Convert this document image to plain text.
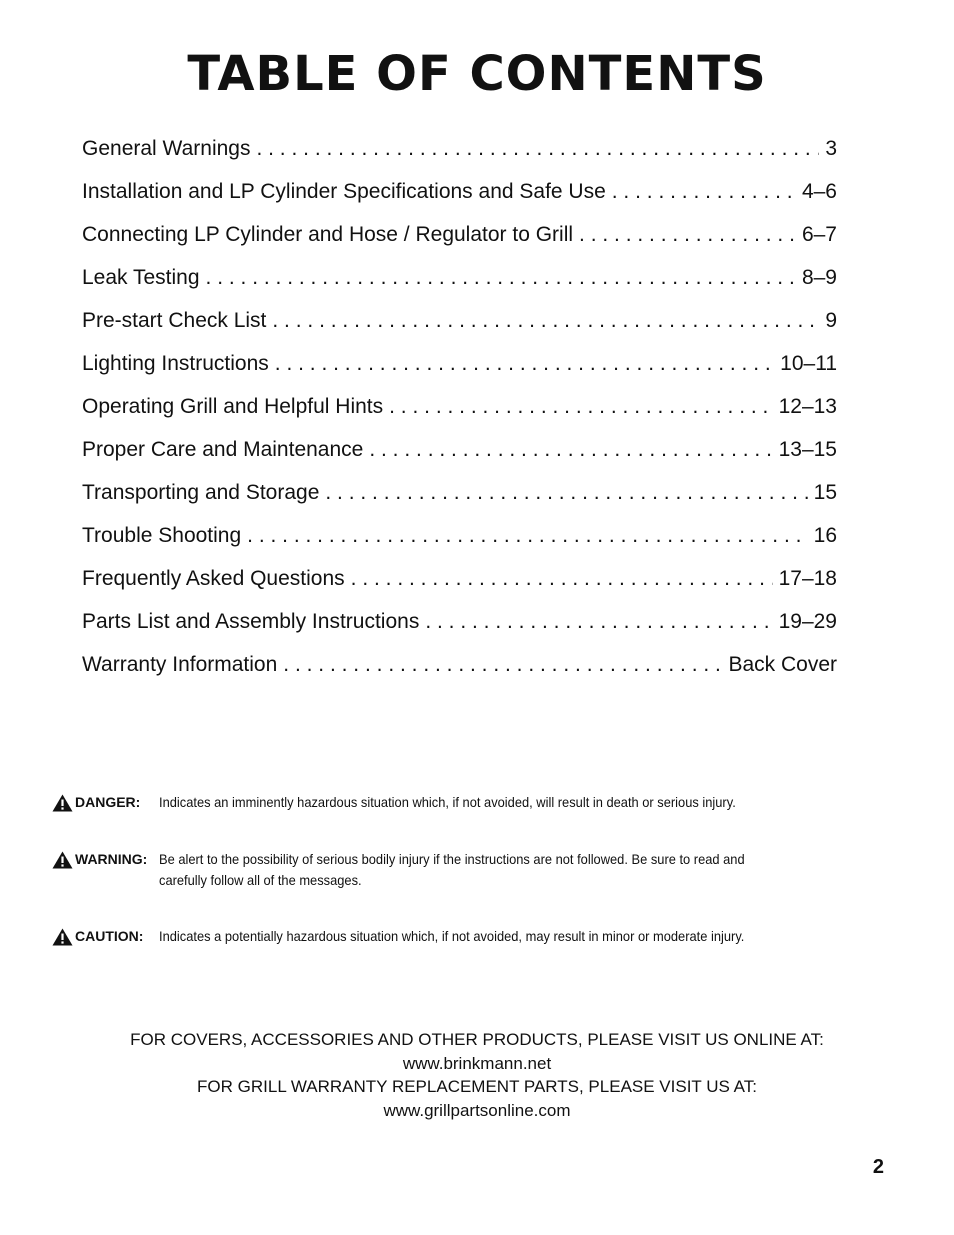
TABLE OF CONTENTS
General Warnings . . .	3
Installation and LP Cylinder Specifications and Safe Use . . .	4–6
Connecting LP Cylinder and Hose / Regulator to Grill . . .	6–7
Leak Testing . . .	8–9
Pre-start Check List . . .	9
Lighting Instructions . . .	10–11
Operating Grill and Helpful Hints . . .	12–13
Proper Care and Maintenance . . .	13–15
Transporting and Storage . . .	15
Trouble Shooting . . .	16
Frequently Asked Questions . . .	17–18
Parts List and Assembly Instructions . . .	19–29
Warranty Information . . .	Back Cover
DANGER: Indicates an imminently hazardous situation which, if not avoided, will result in death or serious injury.
WARNING: Be alert to the possibility of serious bodily injury if the instructions are not followed. Be sure to read and carefully follow all of the messages.
CAUTION: Indicates a potentially hazardous situation which, if not avoided, may result in minor or moderate injury.
FOR COVERS, ACCESSORIES AND OTHER PRODUCTS, PLEASE VISIT US ONLINE AT:
www.brinkmann.net
FOR GRILL WARRANTY REPLACEMENT PARTS, PLEASE VISIT US AT:
www.grillpartsonline.com
2
